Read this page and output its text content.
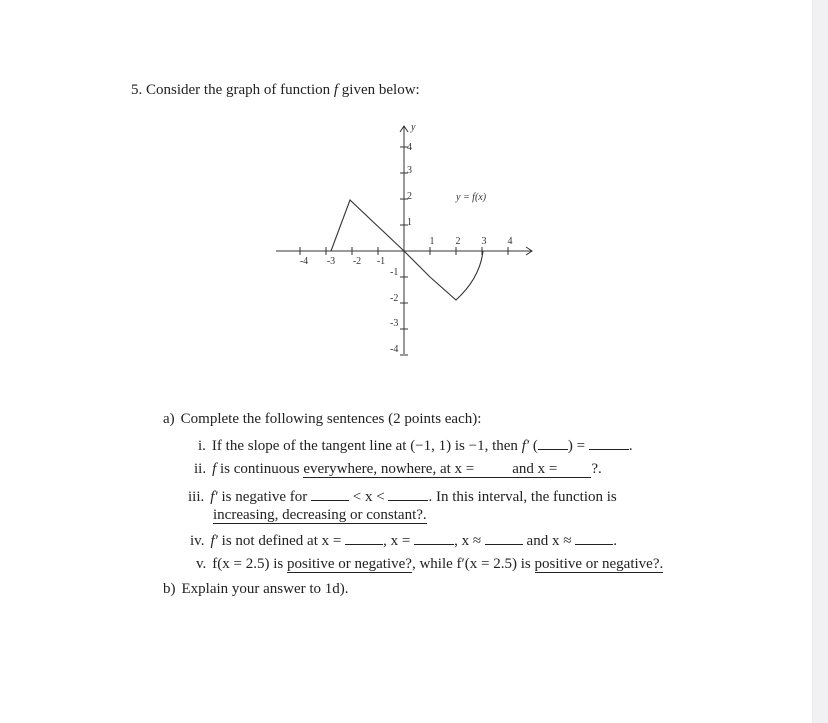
5. Consider the graph of function f given below:
y
1 2 3 4
-4 -3 -2 -1
4
3
2
1
-1
-2
-3
-4
y = f(x)
a) Complete the following sentences (2 points each):
i. If the slope of the tangent line at (−1, 1) is −1, then f′ ( ) =	.
ii. f is continuous everywhere, nowhere, at x =	and x = ?.
iii. f′ is negative for	< x <	. In this interval, the function is
increasing, decreasing or constant?.
iv. f′ is not defined at x =	, x =	, x ≈	and x ≈	.
v. f(x = 2.5) is positive or negative?, while f′(x = 2.5) is positive or negative?.
b) Explain your answer to 1d).
